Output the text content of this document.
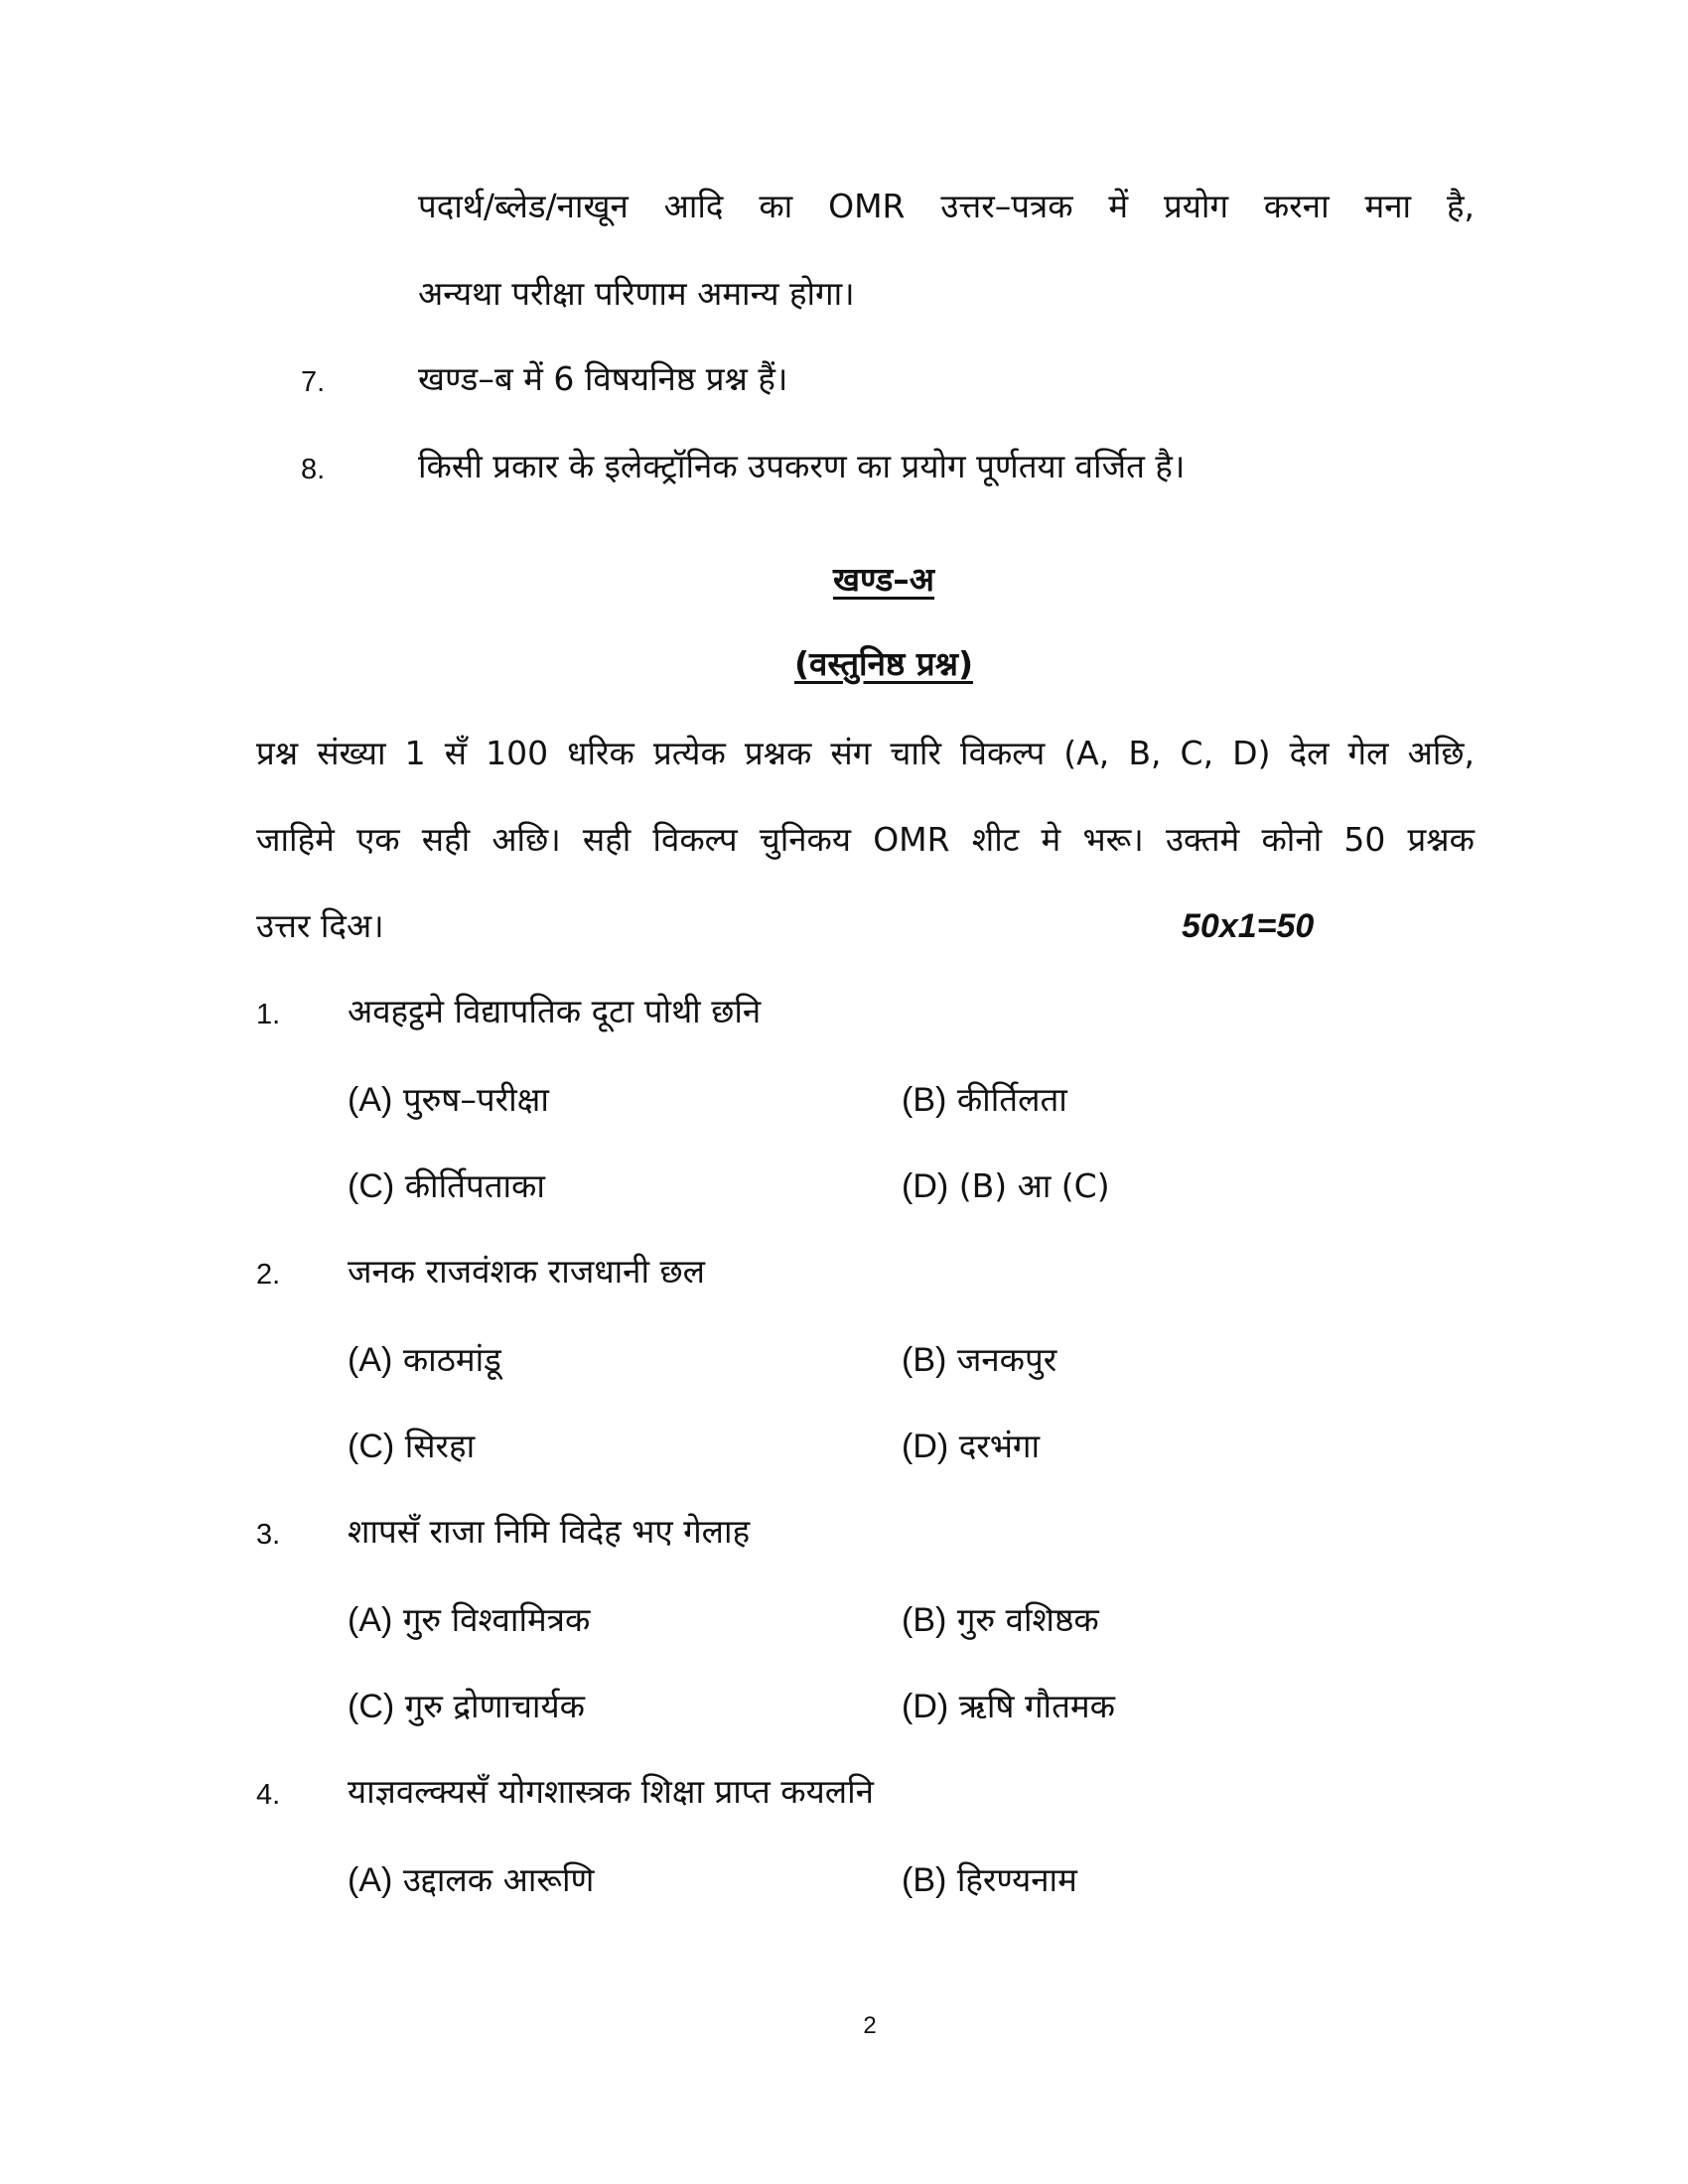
पदार्थ/ब्लेड/नाखून आदि का OMR उत्तर–पत्रक में प्रयोग करना मना है,
अन्यथा परीक्षा परिणाम अमान्य होगा।
7.	खण्ड–ब में 6 विषयनिष्ठ प्रश्न हैं।
8.	किसी प्रकार के इलेक्ट्रॉनिक उपकरण का प्रयोग पूर्णतया वर्जित है।
खण्ड–अ
(वस्तुनिष्ठ प्रश्न)
प्रश्न संख्या 1 सँ 100 धरिक प्रत्येक प्रश्नक संग चारि विकल्प (A, B, C, D) देल गेल अछि,
जाहिमे एक सही अछि। सही विकल्प चुनिकय OMR शीट मे भरू। उक्तमे कोनो 50 प्रश्नक
उत्तर दिअ।	50x1=50
1. अवहट्ठमे विद्यापतिक दूटा पोथी छनि
(A) पुरुष–परीक्षा	(B) कीर्तिलता
(C) कीर्तिपताका	(D) (B) आ (C)
2. जनक राजवंशक राजधानी छल
(A) काठमांडू	(B) जनकपुर
(C) सिरहा	(D) दरभंगा
3. शापसँ राजा निमि विदेह भए गेलाह
(A) गुरु विश्वामित्रक	(B) गुरु वशिष्ठक
(C) गुरु द्रोणाचार्यक	(D) ऋषि गौतमक
4. याज्ञवल्क्यसँ योगशास्त्रक शिक्षा प्राप्त कयलनि
(A) उद्दालक आरूणि	(B) हिरण्यनाम
2
